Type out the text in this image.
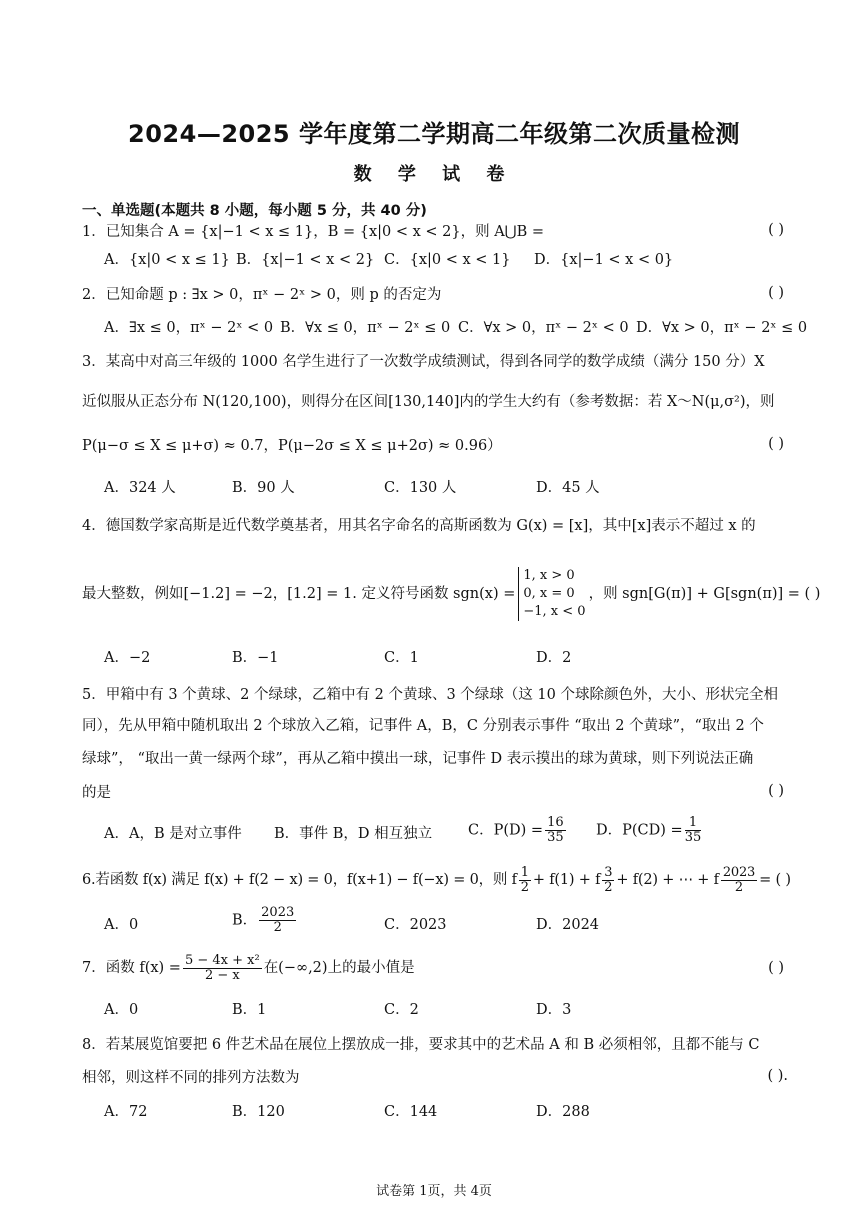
2024—2025 学年度第二学期高二年级第二次质量检测
数 学 试 卷
一、单选题(本题共 8 小题，每小题 5 分，共 40 分)
1．已知集合 A = {x|−1 < x ≤ 1}，B = {x|0 < x < 2}，则 A⋃B =	( )
A．{x|0 < x ≤ 1} B．{x|−1 < x < 2} C．{x|0 < x < 1} D．{x|−1 < x < 0}
2．已知命题 p : ∃x > 0，πˣ − 2ˣ > 0，则 p 的否定为	( )
A．∃x ≤ 0，πˣ − 2ˣ < 0 B．∀x ≤ 0，πˣ − 2ˣ ≤ 0 C．∀x > 0，πˣ − 2ˣ < 0 D．∀x > 0，πˣ − 2ˣ ≤ 0
3．某高中对高三年级的 1000 名学生进行了一次数学成绩测试，得到各同学的数学成绩（满分 150 分）X
近似服从正态分布 N(120,100)，则得分在区间[130,140]内的学生大约有（参考数据：若 X～N(μ,σ²)，则
P(μ−σ ≤ X ≤ μ+σ) ≈ 0.7，P(μ−2σ ≤ X ≤ μ+2σ) ≈ 0.96）	( )
A．324 人	B．90 人	C．130 人	D．45 人
4．德国数学家高斯是近代数学奠基者，用其名字命名的高斯函数为 G(x) = [x]，其中[x]表示不超过 x 的
最大整数，例如[−1.2] = −2，[1.2] = 1. 定义符号函数 sgn(x) =
1, x > 0
0, x = 0
−1, x < 0
，则 sgn[G(π)] + G[sgn(π)] = ( )
A．−2	B．−1	C．1	D．2
5．甲箱中有 3 个黄球、2 个绿球，乙箱中有 2 个黄球、3 个绿球（这 10 个球除颜色外，大小、形状完全相
同），先从甲箱中随机取出 2 个球放入乙箱，记事件 A，B，C 分别表示事件 “取出 2 个黄球”，“取出 2 个
绿球”， “取出一黄一绿两个球”，再从乙箱中摸出一球，记事件 D 表示摸出的球为黄球，则下列说法正确
的是	( )
A．A，B 是对立事件 B．事件 B，D 相互独立 C．$P(D) = \frac{16}{35}$ D．$P(CD) = \frac{1}{35}$
6.若函数 f(x) 满足 f(x) + f(2 − x) = 0，f(x+1) − f(−x) = 0，则 f $\frac{1}{2} + f(1) + f \frac{3}{2} + f(2)$ + ⋯ + f $\frac{2023}{2}$ = ( )
A．0	B． $\frac{2023}{2}$	C．2023	D．2024
7．函数 $f(x) = \frac{\text{5 − 4x + x²}}{2 - x}$ 在(−∞,2)上的最小值是	( )
A．0	B．1	C．2	D．3
8．若某展览馆要把 6 件艺术品在展位上摆放成一排，要求其中的艺术品 A 和 B 必须相邻，且都不能与 C
相邻，则这样不同的排列方法数为	( ).
A．72	B．120	C．144	D．288
试卷第 1页，共 4页
